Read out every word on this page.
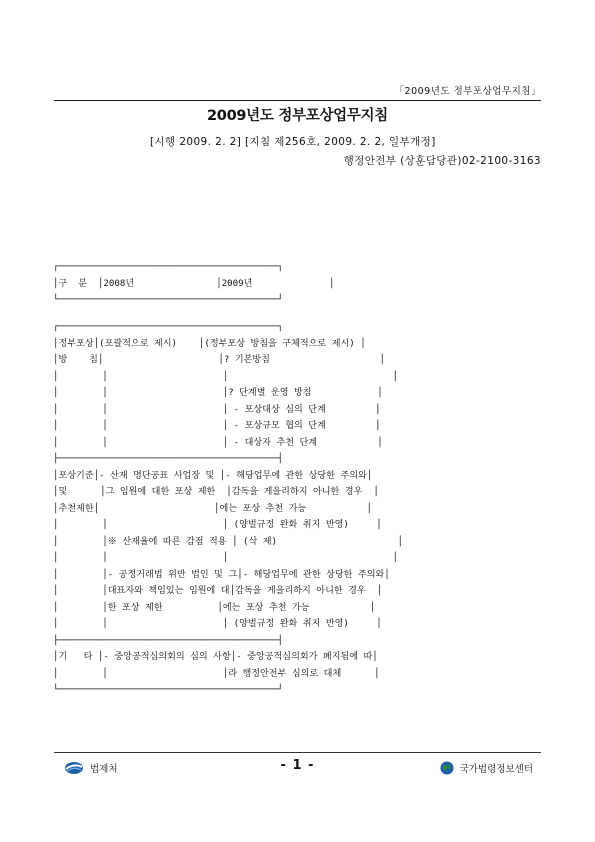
「2009년도 정부포상업무지침」
2009년도 정부포상업무지침
[시행 2009. 2. 2] [지침 제256호, 2009. 2. 2, 일부개정]
행정안전부 (상훈담당관)02-2100-3163
┌────────────────────────────────────────┐
│구  분  │2008년               │2009년              │
└────────────────────────────────────────┘
┌────────────────────────────────────────┐
│정부포상│(포괄적으로 제시)    │(정부포상 방침을 구체적으로 제시) │
│방    침│                     │? 기본방침                    │
│        │                     │                              │
│        │                     │? 단계별 운영 방침            │
│        │                     │ - 포상대상 심의 단계         │
│        │                     │ - 포상규모 협의 단계         │
│        │                     │ - 대상자 추천 단계           │
├────────────────────────────────────────┤
│포상기준│- 산재 명단공표 사업장 및 │- 해당업무에 관한 상당한 주의와│
│및      │그 임원에 대한 포상 제한  │감독을 게을리하지 아니한 경우  │
│추천제한│                     │에는 포상 추천 가능           │
│        │                     │ (양벌규정 완화 취지 반영)     │
│        │※ 산재율에 따른 감점 적용 │ (삭 제)                      │
│        │                     │                              │
│        │- 공정거래법 위반 법인 및 그│- 해당업무에 관한 상당한 주의와│
│        │대표자와 책임있는 임원에 대│감독을 게을리하지 아니한 경우  │
│        │한 포상 제한          │에는 포상 추천 가능           │
│        │                     │ (양벌규정 완화 취지 반영)     │
├────────────────────────────────────────┤
│기   타 │- 중앙공적심의회의 심의 사항│- 중앙공적심의회가 폐지됨에 따│
│        │                     │라 행정안전부 심의로 대체      │
└────────────────────────────────────────┘
법제처	- 1 -	국가법령정보센터
